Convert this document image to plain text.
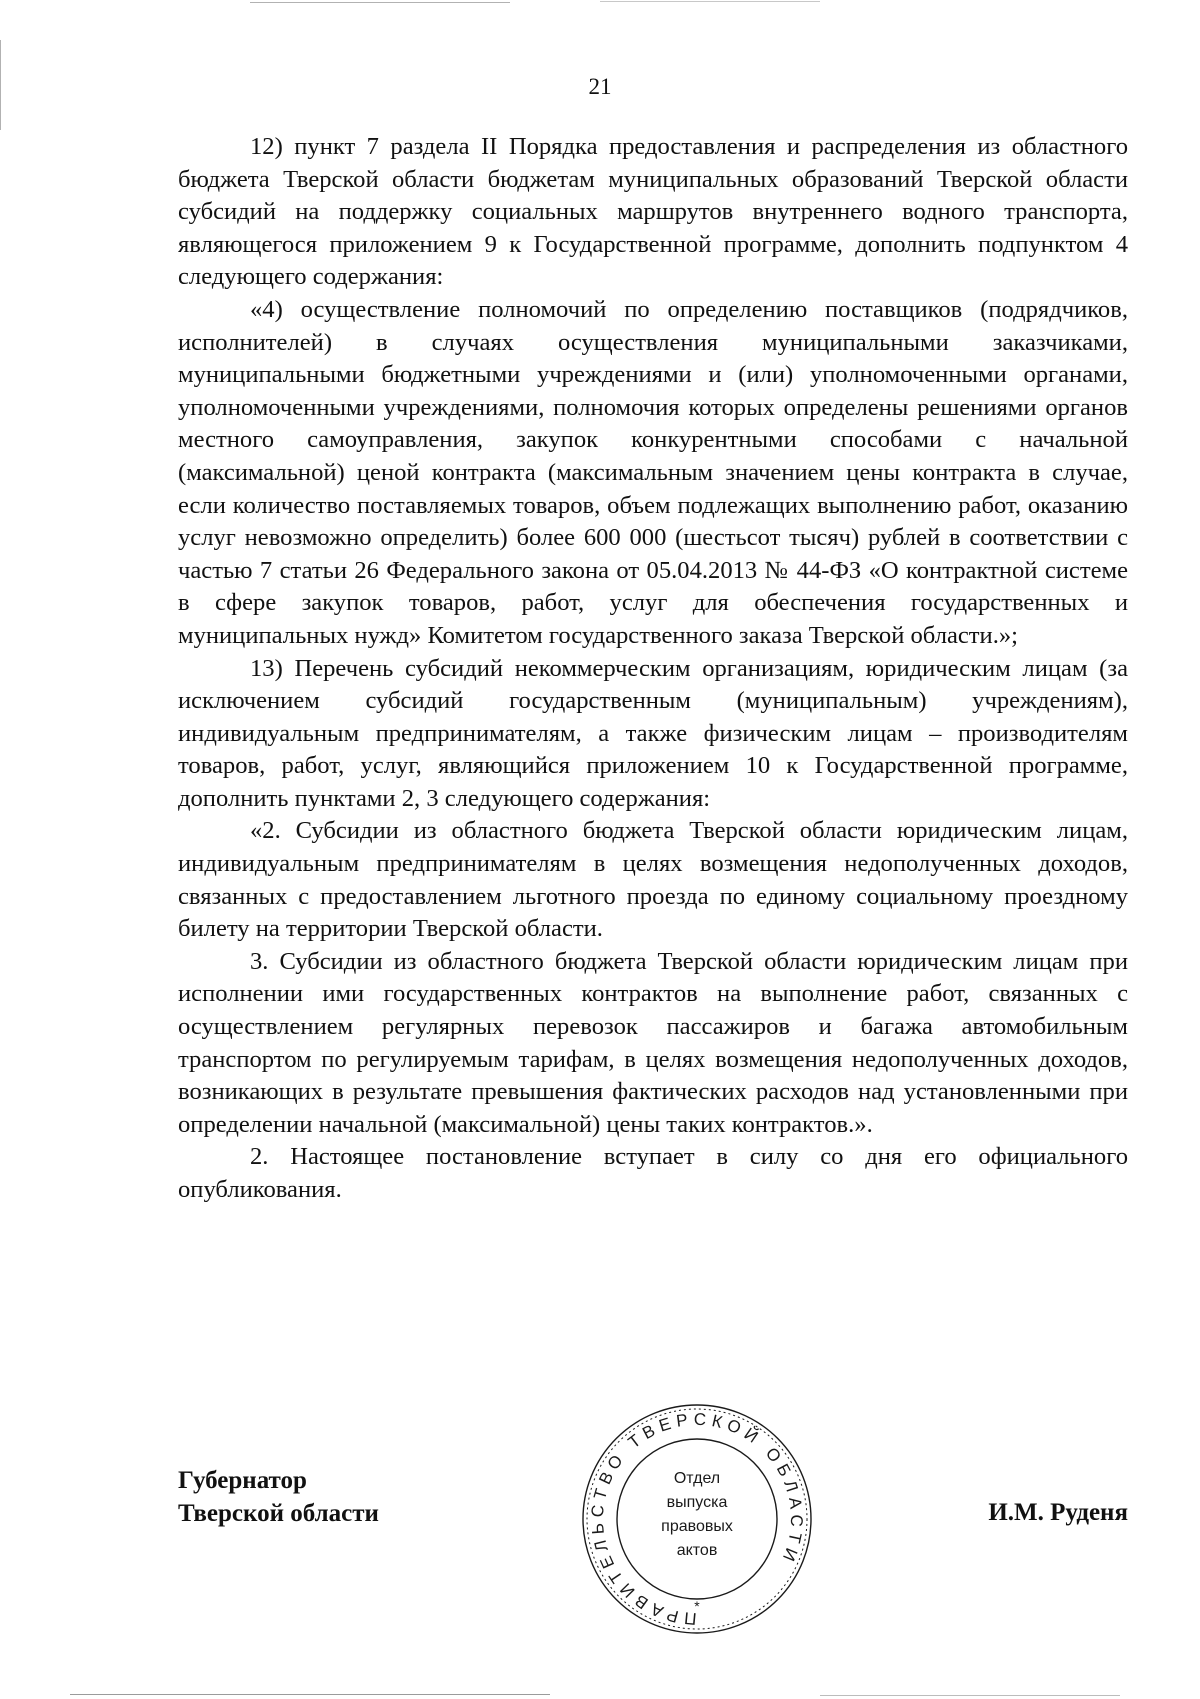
21

12) пункт 7 раздела II Порядка предоставления и распределения из областного бюджета Тверской области бюджетам муниципальных образований Тверской области субсидий на поддержку социальных маршрутов внутреннего водного транспорта, являющегося приложением 9 к Государственной программе, дополнить подпунктом 4 следующего содержания:

«4) осуществление полномочий по определению поставщиков (подрядчиков, исполнителей) в случаях осуществления муниципальными заказчиками, муниципальными бюджетными учреждениями и (или) уполномоченными органами, уполномоченными учреждениями, полномочия которых определены решениями органов местного самоуправления, закупок конкурентными способами с начальной (максимальной) ценой контракта (максимальным значением цены контракта в случае, если количество поставляемых товаров, объем подлежащих выполнению работ, оказанию услуг невозможно определить) более 600 000 (шестьсот тысяч) рублей в соответствии с частью 7 статьи 26 Федерального закона от 05.04.2013 № 44-ФЗ «О контрактной системе в сфере закупок товаров, работ, услуг для обеспечения государственных и муниципальных нужд» Комитетом государственного заказа Тверской области.»;

13) Перечень субсидий некоммерческим организациям, юридическим лицам (за исключением субсидий государственным (муниципальным) учреждениям), индивидуальным предпринимателям, а также физическим лицам – производителям товаров, работ, услуг, являющийся приложением 10 к Государственной программе, дополнить пунктами 2, 3 следующего содержания:

«2. Субсидии из областного бюджета Тверской области юридическим лицам, индивидуальным предпринимателям в целях возмещения недополученных доходов, связанных с предоставлением льготного проезда по единому социальному проездному билету на территории Тверской области.

3. Субсидии из областного бюджета Тверской области юридическим лицам при исполнении ими государственных контрактов на выполнение работ, связанных с осуществлением регулярных перевозок пассажиров и багажа автомобильным транспортом по регулируемым тарифам, в целях возмещения недополученных доходов, возникающих в результате превышения фактических расходов над установленными при определении начальной (максимальной) цены таких контрактов.».

2. Настоящее постановление вступает в силу со дня его официального опубликования.

Губернатор
Тверской области	И.М. Руденя
ПРАВИТЕЛЬСТВО ТВЕРСКОЙ ОБЛАСТИ
Отдел
выпуска
правовых
актов
*
